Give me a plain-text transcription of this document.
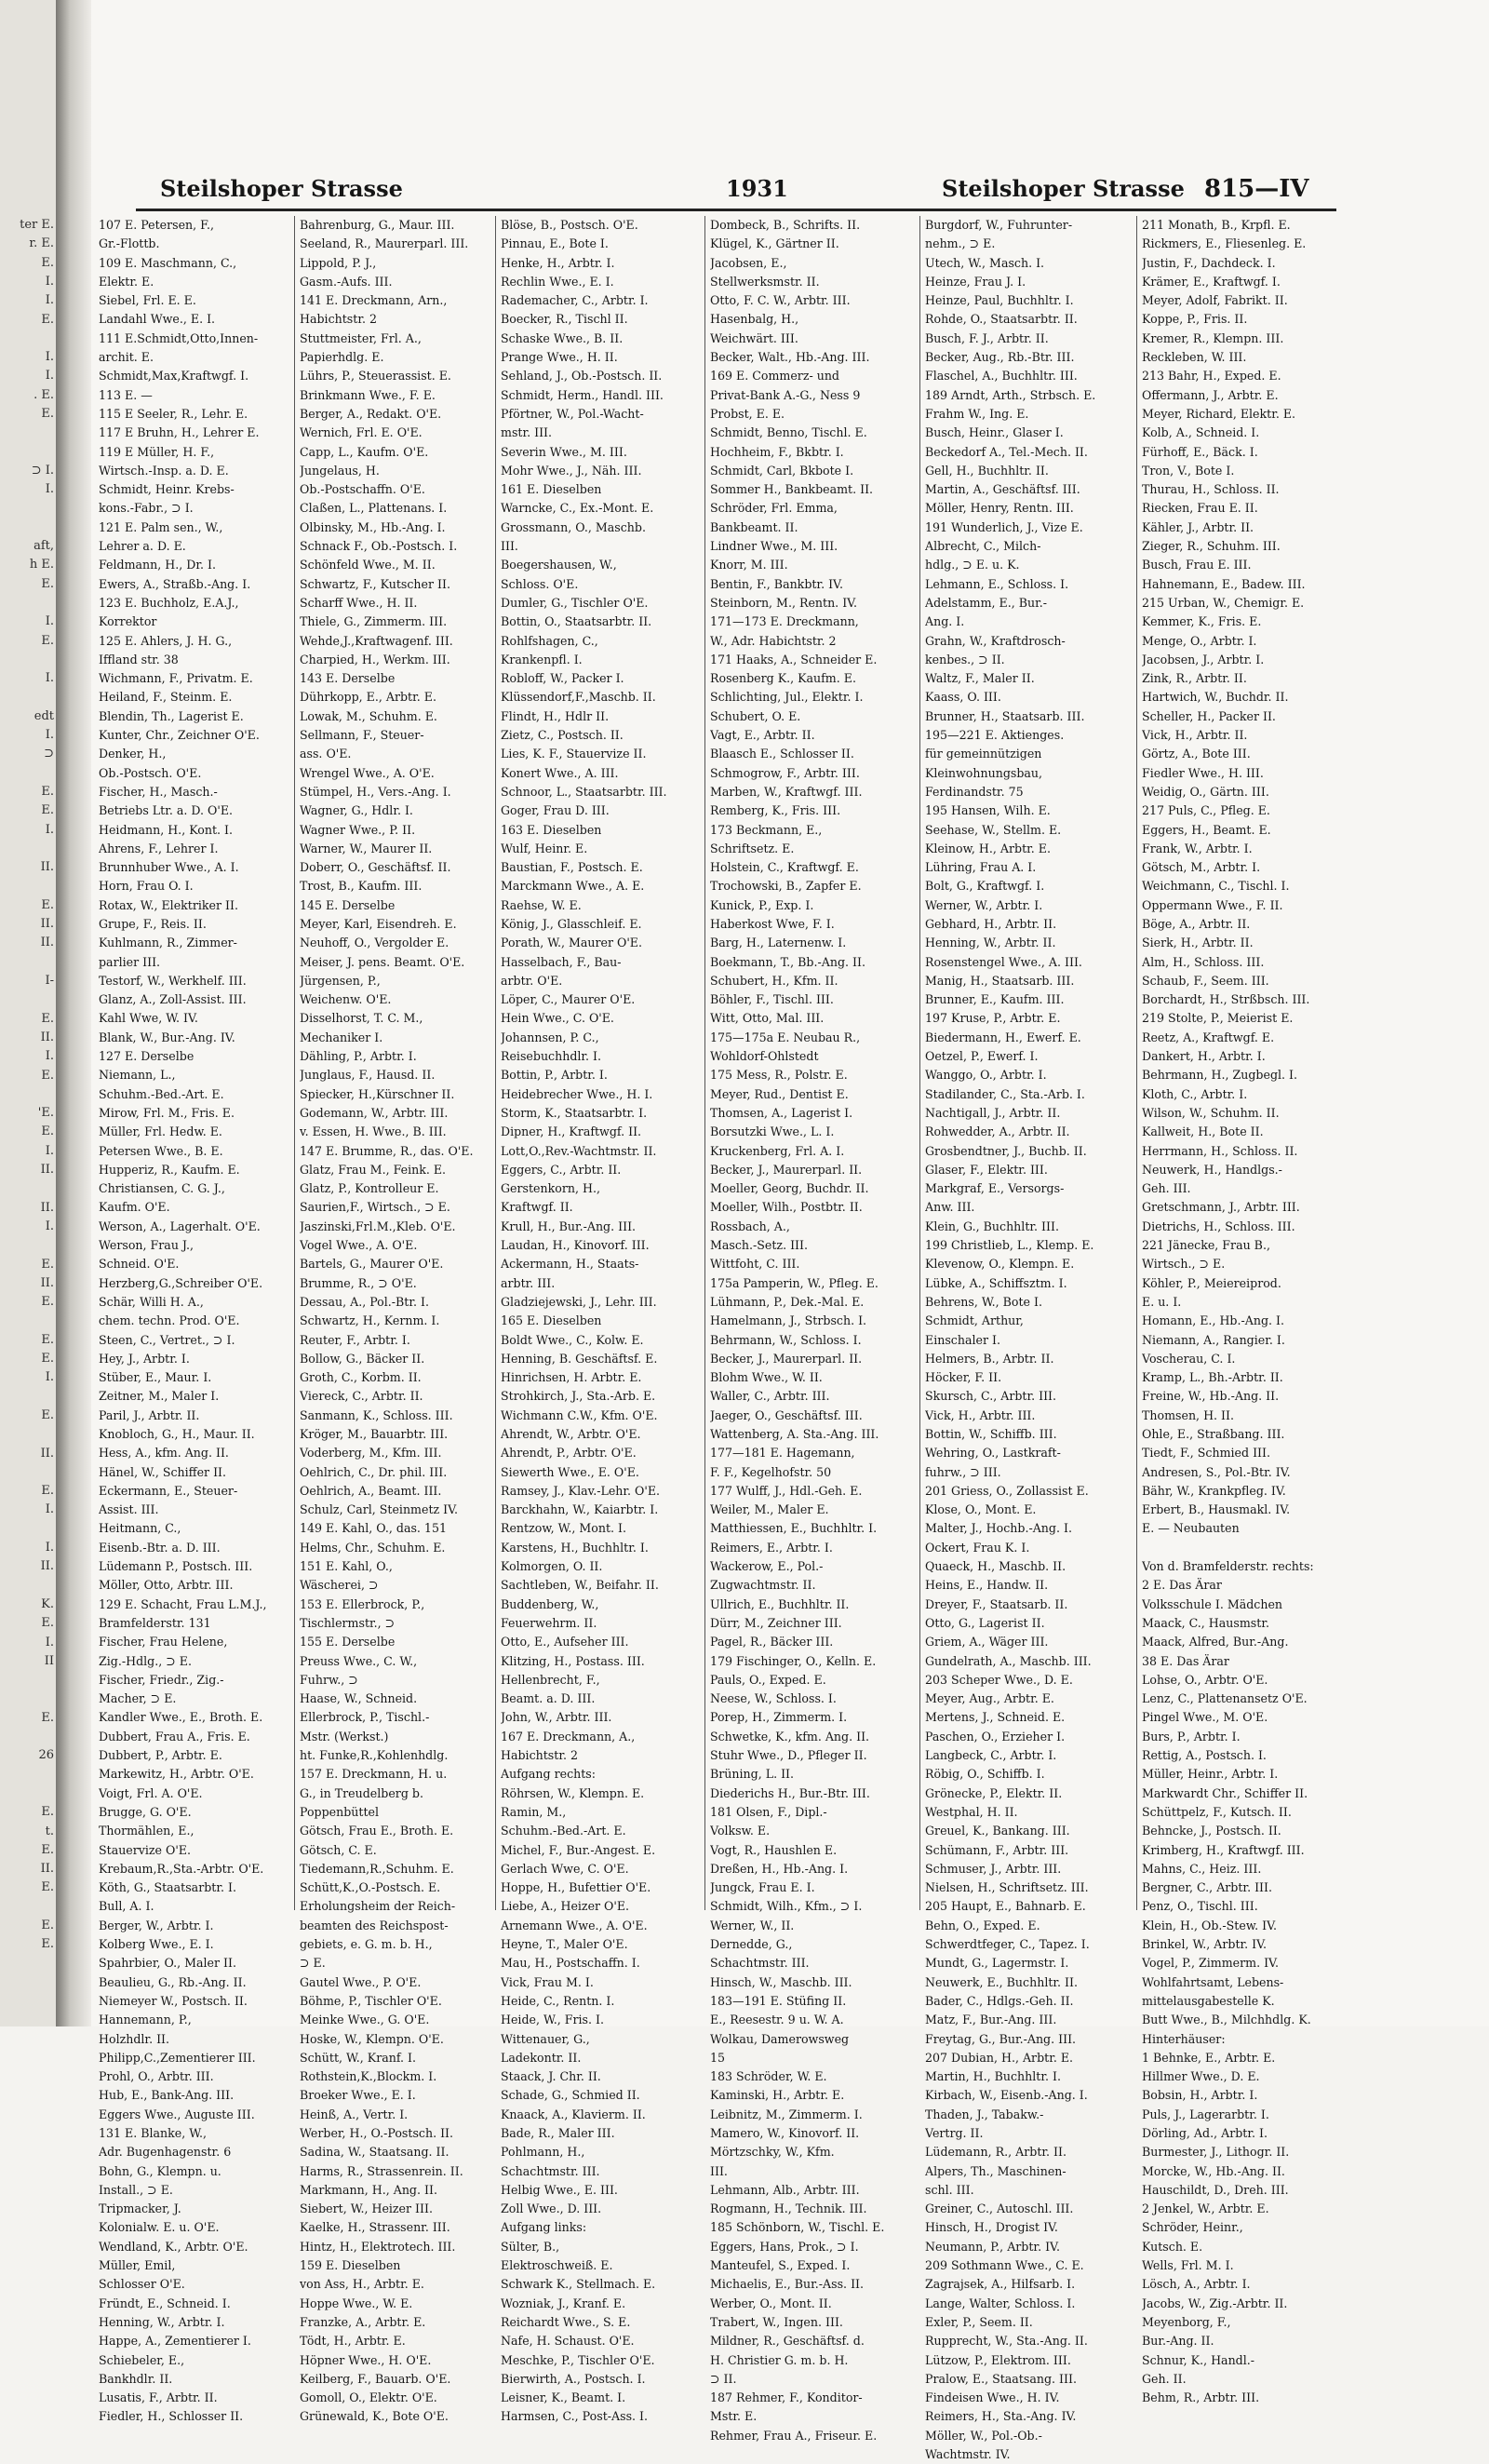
ter E.
r. E.
E.
I.
I.
E.
I.
I.
. E.
E.
⊃ I.
I.
aft,
h E.
E.
I.
E.
I.
edt
I.
⊃
E.
E.
I.
II.
E.
II.
II.
I-
E.
II.
I.
E.
'E.
E.
I.
II.
II.
I.
E.
II.
E.
E.
E.
I.
E.
II.
E.
I.
I.
II.
K.
E.
I.
II
E.
26
E.
t.
E.
II.
E.
E.
E.
Steilshoper Strasse	1931	Steilshoper Strasse 815—IV
107 E. Petersen, F.,
Gr.-Flottb.
109 E. Maschmann, C.,
Elektr. E.
Siebel, Frl. E. E.
Landahl Wwe., E. I.
111 E.Schmidt,Otto,Innen-
archit. E.
Schmidt,Max,Kraftwgf. I.
113 E. —
115 E Seeler, R., Lehr. E.
117 E Bruhn, H., Lehrer E.
119 E Müller, H. F.,
Wirtsch.-Insp. a. D. E.
Schmidt, Heinr. Krebs-
kons.-Fabr., ⊃ I.
121 E. Palm sen., W.,
Lehrer a. D. E.
Feldmann, H., Dr. I.
Ewers, A., Straßb.-Ang. I.
123 E. Buchholz, E.A.J.,
Korrektor
125 E. Ahlers, J. H. G.,
Iffland str. 38
Wichmann, F., Privatm. E.
Heiland, F., Steinm. E.
Blendin, Th., Lagerist E.
Kunter, Chr., Zeichner O'E.
Denker, H.,
Ob.-Postsch. O'E.
Fischer, H., Masch.-
Betriebs Ltr. a. D. O'E.
Heidmann, H., Kont. I.
Ahrens, F., Lehrer I.
Brunnhuber Wwe., A. I.
Horn, Frau O. I.
Rotax, W., Elektriker II.
Grupe, F., Reis. II.
Kuhlmann, R., Zimmer-
parlier III.
Testorf, W., Werkhelf. III.
Glanz, A., Zoll-Assist. III.
Kahl Wwe, W. IV.
Blank, W., Bur.-Ang. IV.
127 E. Derselbe
Niemann, L.,
Schuhm.-Bed.-Art. E.
Mirow, Frl. M., Fris. E.
Müller, Frl. Hedw. E.
Petersen Wwe., B. E.
Hupperiz, R., Kaufm. E.
Christiansen, C. G. J.,
Kaufm. O'E.
Werson, A., Lagerhalt. O'E.
Werson, Frau J.,
Schneid. O'E.
Herzberg,G.,Schreiber O'E.
Schär, Willi H. A.,
chem. techn. Prod. O'E.
Steen, C., Vertret., ⊃ I.
Hey, J., Arbtr. I.
Stüber, E., Maur. I.
Zeitner, M., Maler I.
Paril, J., Arbtr. II.
Knobloch, G., H., Maur. II.
Hess, A., kfm. Ang. II.
Hänel, W., Schiffer II.
Eckermann, E., Steuer-
Assist. III.
Heitmann, C.,
Eisenb.-Btr. a. D. III.
Lüdemann P., Postsch. III.
Möller, Otto, Arbtr. III.
129 E. Schacht, Frau L.M.J.,
Bramfelderstr. 131
Fischer, Frau Helene,
Zig.-Hdlg., ⊃ E.
Fischer, Friedr., Zig.-
Macher, ⊃ E.
Kandler Wwe., E., Broth. E.
Dubbert, Frau A., Fris. E.
Dubbert, P., Arbtr. E.
Markewitz, H., Arbtr. O'E.
Voigt, Frl. A. O'E.
Brugge, G. O'E.
Thormählen, E.,
Stauervize O'E.
Krebaum,R.,Sta.-Arbtr. O'E.
Köth, G., Staatsarbtr. I.
Bull, A. I.
Berger, W., Arbtr. I.
Kolberg Wwe., E. I.
Spahrbier, O., Maler II.
Beaulieu, G., Rb.-Ang. II.
Niemeyer W., Postsch. II.
Hannemann, P.,
Holzhdlr. II.
Philipp,C.,Zementierer III.
Prohl, O., Arbtr. III.
Hub, E., Bank-Ang. III.
Eggers Wwe., Auguste III.
131 E. Blanke, W.,
Adr. Bugenhagenstr. 6
Bohn, G., Klempn. u.
Install., ⊃ E.
Tripmacker, J.
Kolonialw. E. u. O'E.
Wendland, K., Arbtr. O'E.
Müller, Emil,
Schlosser O'E.
Fründt, E., Schneid. I.
Henning, W., Arbtr. I.
Happe, A., Zementierer I.
Schiebeler, E.,
Bankhdlr. II.
Lusatis, F., Arbtr. II.
Fiedler, H., Schlosser II.
Bahrenburg, G., Maur. III.
Seeland, R., Maurerparl. III.
Lippold, P. J.,
Gasm.-Aufs. III.
141 E. Dreckmann, Arn.,
Habichtstr. 2
Stuttmeister, Frl. A.,
Papierhdlg. E.
Lührs, P., Steuerassist. E.
Brinkmann Wwe., F. E.
Berger, A., Redakt. O'E.
Wernich, Frl. E. O'E.
Capp, L., Kaufm. O'E.
Jungelaus, H.
Ob.-Postschaffn. O'E.
Claßen, L., Plattenans. I.
Olbinsky, M., Hb.-Ang. I.
Schnack F., Ob.-Postsch. I.
Schönfeld Wwe., M. II.
Schwartz, F., Kutscher II.
Scharff Wwe., H. II.
Thiele, G., Zimmerm. III.
Wehde,J.,Kraftwagenf. III.
Charpied, H., Werkm. III.
143 E. Derselbe
Dührkopp, E., Arbtr. E.
Lowak, M., Schuhm. E.
Sellmann, F., Steuer-
ass. O'E.
Wrengel Wwe., A. O'E.
Stümpel, H., Vers.-Ang. I.
Wagner, G., Hdlr. I.
Wagner Wwe., P. II.
Warner, W., Maurer II.
Doberr, O., Geschäftsf. II.
Trost, B., Kaufm. III.
145 E. Derselbe
Meyer, Karl, Eisendreh. E.
Neuhoff, O., Vergolder E.
Meiser, J. pens. Beamt. O'E.
Jürgensen, P.,
Weichenw. O'E.
Disselhorst, T. C. M.,
Mechaniker I.
Dähling, P., Arbtr. I.
Junglaus, F., Hausd. II.
Spiecker, H.,Kürschner II.
Godemann, W., Arbtr. III.
v. Essen, H. Wwe., B. III.
147 E. Brumme, R., das. O'E.
Glatz, Frau M., Feink. E.
Glatz, P., Kontrolleur E.
Saurien,F., Wirtsch., ⊃ E.
Jaszinski,Frl.M.,Kleb. O'E.
Vogel Wwe., A. O'E.
Bartels, G., Maurer O'E.
Brumme, R., ⊃ O'E.
Dessau, A., Pol.-Btr. I.
Schwartz, H., Kernm. I.
Reuter, F., Arbtr. I.
Bollow, G., Bäcker II.
Groth, C., Korbm. II.
Viereck, C., Arbtr. II.
Sanmann, K., Schloss. III.
Kröger, M., Bauarbtr. III.
Voderberg, M., Kfm. III.
Oehlrich, C., Dr. phil. III.
Oehlrich, A., Beamt. III.
Schulz, Carl, Steinmetz IV.
149 E. Kahl, O., das. 151
Helms, Chr., Schuhm. E.
151 E. Kahl, O.,
Wäscherei, ⊃
153 E. Ellerbrock, P.,
Tischlermstr., ⊃
155 E. Derselbe
Preuss Wwe., C. W.,
Fuhrw., ⊃
Haase, W., Schneid.
Ellerbrock, P., Tischl.-
Mstr. (Werkst.)
ht. Funke,R.,Kohlenhdlg.
157 E. Dreckmann, H. u.
G., in Treudelberg b.
Poppenbüttel
Götsch, Frau E., Broth. E.
Götsch, C. E.
Tiedemann,R.,Schuhm. E.
Schütt,K.,O.-Postsch. E.
Erholungsheim der Reich-
beamten des Reichspost-
gebiets, e. G. m. b. H.,
⊃ E.
Gautel Wwe., P. O'E.
Böhme, P., Tischler O'E.
Meinke Wwe., G. O'E.
Hoske, W., Klempn. O'E.
Schütt, W., Kranf. I.
Rothstein,K.,Blockm. I.
Broeker Wwe., E. I.
Heinß, A., Vertr. I.
Werber, H., O.-Postsch. II.
Sadina, W., Staatsang. II.
Harms, R., Strassenrein. II.
Markmann, H., Ang. II.
Siebert, W., Heizer III.
Kaelke, H., Strassenr. III.
Hintz, H., Elektrotech. III.
159 E. Dieselben
von Ass, H., Arbtr. E.
Hoppe Wwe., W. E.
Franzke, A., Arbtr. E.
Tödt, H., Arbtr. E.
Höpner Wwe., H. O'E.
Keilberg, F., Bauarb. O'E.
Gomoll, O., Elektr. O'E.
Grünewald, K., Bote O'E.
Blöse, B., Postsch. O'E.
Pinnau, E., Bote I.
Henke, H., Arbtr. I.
Rechlin Wwe., E. I.
Rademacher, C., Arbtr. I.
Boecker, R., Tischl II.
Schaske Wwe., B. II.
Prange Wwe., H. II.
Sehland, J., Ob.-Postsch. II.
Schmidt, Herm., Handl. III.
Pförtner, W., Pol.-Wacht-
mstr. III.
Severin Wwe., M. III.
Mohr Wwe., J., Näh. III.
161 E. Dieselben
Warncke, C., Ex.-Mont. E.
Grossmann, O., Maschb.
III.
Boegershausen, W.,
Schloss. O'E.
Dumler, G., Tischler O'E.
Bottin, O., Staatsarbtr. II.
Rohlfshagen, C.,
Krankenpfl. I.
Robloff, W., Packer I.
Klüssendorf,F.,Maschb. II.
Flindt, H., Hdlr II.
Zietz, C., Postsch. II.
Lies, K. F., Stauervize II.
Konert Wwe., A. III.
Schnoor, L., Staatsarbtr. III.
Goger, Frau D. III.
163 E. Dieselben
Wulf, Heinr. E.
Baustian, F., Postsch. E.
Marckmann Wwe., A. E.
Raehse, W. E.
König, J., Glasschleif. E.
Porath, W., Maurer O'E.
Hasselbach, F., Bau-
arbtr. O'E.
Löper, C., Maurer O'E.
Hein Wwe., C. O'E.
Johannsen, P. C.,
Reisebuchhdlr. I.
Bottin, P., Arbtr. I.
Heidebrecher Wwe., H. I.
Storm, K., Staatsarbtr. I.
Dipner, H., Kraftwgf. II.
Lott,O.,Rev.-Wachtmstr. II.
Eggers, C., Arbtr. II.
Gerstenkorn, H.,
Kraftwgf. II.
Krull, H., Bur.-Ang. III.
Laudan, H., Kinovorf. III.
Ackermann, H., Staats-
arbtr. III.
Gladziejewski, J., Lehr. III.
165 E. Dieselben
Boldt Wwe., C., Kolw. E.
Henning, B. Geschäftsf. E.
Hinrichsen, H. Arbtr. E.
Strohkirch, J., Sta.-Arb. E.
Wichmann C.W., Kfm. O'E.
Ahrendt, W., Arbtr. O'E.
Ahrendt, P., Arbtr. O'E.
Siewerth Wwe., E. O'E.
Ramsey, J., Klav.-Lehr. O'E.
Barckhahn, W., Kaiarbtr. I.
Rentzow, W., Mont. I.
Karstens, H., Buchhltr. I.
Kolmorgen, O. II.
Sachtleben, W., Beifahr. II.
Buddenberg, W.,
Feuerwehrm. II.
Otto, E., Aufseher III.
Klitzing, H., Postass. III.
Hellenbrecht, F.,
Beamt. a. D. III.
John, W., Arbtr. III.
167 E. Dreckmann, A.,
Habichtstr. 2
Aufgang rechts:
Röhrsen, W., Klempn. E.
Ramin, M.,
Schuhm.-Bed.-Art. E.
Michel, F., Bur.-Angest. E.
Gerlach Wwe, C. O'E.
Hoppe, H., Bufettier O'E.
Liebe, A., Heizer O'E.
Arnemann Wwe., A. O'E.
Heyne, T., Maler O'E.
Mau, H., Postschaffn. I.
Vick, Frau M. I.
Heide, C., Rentn. I.
Heide, W., Fris. I.
Wittenauer, G.,
Ladekontr. II.
Staack, J. Chr. II.
Schade, G., Schmied II.
Knaack, A., Klavierm. II.
Bade, R., Maler III.
Pohlmann, H.,
Schachtmstr. III.
Helbig Wwe., E. III.
Zoll Wwe., D. III.
Aufgang links:
Sülter, B.,
Elektroschweiß. E.
Schwark K., Stellmach. E.
Wozniak, J., Kranf. E.
Reichardt Wwe., S. E.
Nafe, H. Schaust. O'E.
Meschke, P., Tischler O'E.
Bierwirth, A., Postsch. I.
Leisner, K., Beamt. I.
Harmsen, C., Post-Ass. I.
Dombeck, B., Schrifts. II.
Klügel, K., Gärtner II.
Jacobsen, E.,
Stellwerksmstr. II.
Otto, F. C. W., Arbtr. III.
Hasenbalg, H.,
Weichwärt. III.
Becker, Walt., Hb.-Ang. III.
169 E. Commerz- und
Privat-Bank A.-G., Ness 9
Probst, E. E.
Schmidt, Benno, Tischl. E.
Hochheim, F., Bkbtr. I.
Schmidt, Carl, Bkbote I.
Sommer H., Bankbeamt. II.
Schröder, Frl. Emma,
Bankbeamt. II.
Lindner Wwe., M. III.
Knorr, M. III.
Bentin, F., Bankbtr. IV.
Steinborn, M., Rentn. IV.
171—173 E. Dreckmann,
W., Adr. Habichtstr. 2
171 Haaks, A., Schneider E.
Rosenberg K., Kaufm. E.
Schlichting, Jul., Elektr. I.
Schubert, O. E.
Vagt, E., Arbtr. II.
Blaasch E., Schlosser II.
Schmogrow, F., Arbtr. III.
Marben, W., Kraftwgf. III.
Remberg, K., Fris. III.
173 Beckmann, E.,
Schriftsetz. E.
Holstein, C., Kraftwgf. E.
Trochowski, B., Zapfer E.
Kunick, P., Exp. I.
Haberkost Wwe, F. I.
Barg, H., Laternenw. I.
Boekmann, T., Bb.-Ang. II.
Schubert, H., Kfm. II.
Böhler, F., Tischl. III.
Witt, Otto, Mal. III.
175—175a E. Neubau R.,
Wohldorf-Ohlstedt
175 Mess, R., Polstr. E.
Meyer, Rud., Dentist E.
Thomsen, A., Lagerist I.
Borsutzki Wwe., L. I.
Kruckenberg, Frl. A. I.
Becker, J., Maurerparl. II.
Moeller, Georg, Buchdr. II.
Moeller, Wilh., Postbtr. II.
Rossbach, A.,
Masch.-Setz. III.
Wittfoht, C. III.
175a Pamperin, W., Pfleg. E.
Lühmann, P., Dek.-Mal. E.
Hamelmann, J., Strbsch. I.
Behrmann, W., Schloss. I.
Becker, J., Maurerparl. II.
Blohm Wwe., W. II.
Waller, C., Arbtr. III.
Jaeger, O., Geschäftsf. III.
Wattenberg, A. Sta.-Ang. III.
177—181 E. Hagemann,
F. F., Kegelhofstr. 50
177 Wulff, J., Hdl.-Geh. E.
Weiler, M., Maler E.
Matthiessen, E., Buchhltr. I.
Reimers, E., Arbtr. I.
Wackerow, E., Pol.-
Zugwachtmstr. II.
Ullrich, E., Buchhltr. II.
Dürr, M., Zeichner III.
Pagel, R., Bäcker III.
179 Fischinger, O., Kelln. E.
Pauls, O., Exped. E.
Neese, W., Schloss. I.
Porep, H., Zimmerm. I.
Schwetke, K., kfm. Ang. II.
Stuhr Wwe., D., Pfleger II.
Brüning, L. II.
Diederichs H., Bur.-Btr. III.
181 Olsen, F., Dipl.-
Volksw. E.
Vogt, R., Haushlen E.
Dreßen, H., Hb.-Ang. I.
Jungck, Frau E. I.
Schmidt, Wilh., Kfm., ⊃ I.
Werner, W., II.
Dernedde, G.,
Schachtmstr. III.
Hinsch, W., Maschb. III.
183—191 E. Stüfing II.
E., Reesestr. 9 u. W. A.
Wolkau, Damerowsweg
15
183 Schröder, W. E.
Kaminski, H., Arbtr. E.
Leibnitz, M., Zimmerm. I.
Mamero, W., Kinovorf. II.
Mörtzschky, W., Kfm.
III.
Lehmann, Alb., Arbtr. III.
Rogmann, H., Technik. III.
185 Schönborn, W., Tischl. E.
Eggers, Hans, Prok., ⊃ I.
Manteufel, S., Exped. I.
Michaelis, E., Bur.-Ass. II.
Werber, O., Mont. II.
Trabert, W., Ingen. III.
Mildner, R., Geschäftsf. d.
H. Christier G. m. b. H.
⊃ II.
187 Rehmer, F., Konditor-
Mstr. E.
Rehmer, Frau A., Friseur. E.
Burgdorf, W., Fuhrunter-
nehm., ⊃ E.
Utech, W., Masch. I.
Heinze, Frau J. I.
Heinze, Paul, Buchhltr. I.
Rohde, O., Staatsarbtr. II.
Busch, F. J., Arbtr. II.
Becker, Aug., Rb.-Btr. III.
Flaschel, A., Buchhltr. III.
189 Arndt, Arth., Strbsch. E.
Frahm W., Ing. E.
Busch, Heinr., Glaser I.
Beckedorf A., Tel.-Mech. II.
Gell, H., Buchhltr. II.
Martin, A., Geschäftsf. III.
Möller, Henry, Rentn. III.
191 Wunderlich, J., Vize E.
Albrecht, C., Milch-
hdlg., ⊃ E. u. K.
Lehmann, E., Schloss. I.
Adelstamm, E., Bur.-
Ang. I.
Grahn, W., Kraftdrosch-
kenbes., ⊃ II.
Waltz, F., Maler II.
Kaass, O. III.
Brunner, H., Staatsarb. III.
195—221 E. Aktienges.
für gemeinnützigen
Kleinwohnungsbau,
Ferdinandstr. 75
195 Hansen, Wilh. E.
Seehase, W., Stellm. E.
Kleinow, H., Arbtr. E.
Lühring, Frau A. I.
Bolt, G., Kraftwgf. I.
Werner, W., Arbtr. I.
Gebhard, H., Arbtr. II.
Henning, W., Arbtr. II.
Rosenstengel Wwe., A. III.
Manig, H., Staatsarb. III.
Brunner, E., Kaufm. III.
197 Kruse, P., Arbtr. E.
Biedermann, H., Ewerf. E.
Oetzel, P., Ewerf. I.
Wanggo, O., Arbtr. I.
Stadilander, C., Sta.-Arb. I.
Nachtigall, J., Arbtr. II.
Rohwedder, A., Arbtr. II.
Grosbendtner, J., Buchb. II.
Glaser, F., Elektr. III.
Markgraf, E., Versorgs-
Anw. III.
Klein, G., Buchhltr. III.
199 Christlieb, L., Klemp. E.
Klevenow, O., Klempn. E.
Lübke, A., Schiffsztm. I.
Behrens, W., Bote I.
Schmidt, Arthur,
Einschaler I.
Helmers, B., Arbtr. II.
Höcker, F. II.
Skursch, C., Arbtr. III.
Vick, H., Arbtr. III.
Bottin, W., Schiffb. III.
Wehring, O., Lastkraft-
fuhrw., ⊃ III.
201 Griess, O., Zollassist E.
Klose, O., Mont. E.
Malter, J., Hochb.-Ang. I.
Ockert, Frau K. I.
Quaeck, H., Maschb. II.
Heins, E., Handw. II.
Dreyer, F., Staatsarb. II.
Otto, G., Lagerist II.
Griem, A., Wäger III.
Gundelrath, A., Maschb. III.
203 Scheper Wwe., D. E.
Meyer, Aug., Arbtr. E.
Mertens, J., Schneid. E.
Paschen, O., Erzieher I.
Langbeck, C., Arbtr. I.
Röbig, O., Schiffb. I.
Grönecke, P., Elektr. II.
Westphal, H. II.
Greuel, K., Bankang. III.
Schümann, F., Arbtr. III.
Schmuser, J., Arbtr. III.
Nielsen, H., Schriftsetz. III.
205 Haupt, E., Bahnarb. E.
Behn, O., Exped. E.
Schwerdtfeger, C., Tapez. I.
Mundt, G., Lagermstr. I.
Neuwerk, E., Buchhltr. II.
Bader, C., Hdlgs.-Geh. II.
Matz, F., Bur.-Ang. III.
Freytag, G., Bur.-Ang. III.
207 Dubian, H., Arbtr. E.
Martin, H., Buchhltr. I.
Kirbach, W., Eisenb.-Ang. I.
Thaden, J., Tabakw.-
Vertrg. II.
Lüdemann, R., Arbtr. II.
Alpers, Th., Maschinen-
schl. III.
Greiner, C., Autoschl. III.
Hinsch, H., Drogist IV.
Neumann, P., Arbtr. IV.
209 Sothmann Wwe., C. E.
Zagrajsek, A., Hilfsarb. I.
Lange, Walter, Schloss. I.
Exler, P., Seem. II.
Rupprecht, W., Sta.-Ang. II.
Lützow, P., Elektrom. III.
Pralow, E., Staatsang. III.
Findeisen Wwe., H. IV.
Reimers, H., Sta.-Ang. IV.
Möller, W., Pol.-Ob.-
Wachtmstr. IV.
211 Monath, B., Krpfl. E.
Rickmers, E., Fliesenleg. E.
Justin, F., Dachdeck. I.
Krämer, E., Kraftwgf. I.
Meyer, Adolf, Fabrikt. II.
Koppe, P., Fris. II.
Kremer, R., Klempn. III.
Reckleben, W. III.
213 Bahr, H., Exped. E.
Offermann, J., Arbtr. E.
Meyer, Richard, Elektr. E.
Kolb, A., Schneid. I.
Fürhoff, E., Bäck. I.
Tron, V., Bote I.
Thurau, H., Schloss. II.
Riecken, Frau E. II.
Kähler, J., Arbtr. II.
Zieger, R., Schuhm. III.
Busch, Frau E. III.
Hahnemann, E., Badew. III.
215 Urban, W., Chemigr. E.
Kemmer, K., Fris. E.
Menge, O., Arbtr. I.
Jacobsen, J., Arbtr. I.
Zink, R., Arbtr. II.
Hartwich, W., Buchdr. II.
Scheller, H., Packer II.
Vick, H., Arbtr. II.
Görtz, A., Bote III.
Fiedler Wwe., H. III.
Weidig, O., Gärtn. III.
217 Puls, C., Pfleg. E.
Eggers, H., Beamt. E.
Frank, W., Arbtr. I.
Götsch, M., Arbtr. I.
Weichmann, C., Tischl. I.
Oppermann Wwe., F. II.
Böge, A., Arbtr. II.
Sierk, H., Arbtr. II.
Alm, H., Schloss. III.
Schaub, F., Seem. III.
Borchardt, H., Strßbsch. III.
219 Stolte, P., Meierist E.
Reetz, A., Kraftwgf. E.
Dankert, H., Arbtr. I.
Behrmann, H., Zugbegl. I.
Kloth, C., Arbtr. I.
Wilson, W., Schuhm. II.
Kallweit, H., Bote II.
Herrmann, H., Schloss. II.
Neuwerk, H., Handlgs.-
Geh. III.
Gretschmann, J., Arbtr. III.
Dietrichs, H., Schloss. III.
221 Jänecke, Frau B.,
Wirtsch., ⊃ E.
Köhler, P., Meiereiprod.
E. u. I.
Homann, E., Hb.-Ang. I.
Niemann, A., Rangier. I.
Voscherau, C. I.
Kramp, L., Bh.-Arbtr. II.
Freine, W., Hb.-Ang. II.
Thomsen, H. II.
Ohle, E., Straßbang. III.
Tiedt, F., Schmied III.
Andresen, S., Pol.-Btr. IV.
Bähr, W., Krankpfleg. IV.
Erbert, B., Hausmakl. IV.
E. — Neubauten
Von d. Bramfelderstr. rechts:
2 E. Das Ärar
Volksschule I. Mädchen
Maack, C., Hausmstr.
Maack, Alfred, Bur.-Ang.
38 E. Das Ärar
Lohse, O., Arbtr. O'E.
Lenz, C., Plattenansetz O'E.
Pingel Wwe., M. O'E.
Burs, P., Arbtr. I.
Rettig, A., Postsch. I.
Müller, Heinr., Arbtr. I.
Markwardt Chr., Schiffer II.
Schüttpelz, F., Kutsch. II.
Behncke, J., Postsch. II.
Krimberg, H., Kraftwgf. III.
Mahns, C., Heiz. III.
Bergner, C., Arbtr. III.
Penz, O., Tischl. III.
Klein, H., Ob.-Stew. IV.
Brinkel, W., Arbtr. IV.
Vogel, P., Zimmerm. IV.
Wohlfahrtsamt, Lebens-
mittelausgabestelle K.
Butt Wwe., B., Milchhdlg. K.
Hinterhäuser:
1 Behnke, E., Arbtr. E.
Hillmer Wwe., D. E.
Bobsin, H., Arbtr. I.
Puls, J., Lagerarbtr. I.
Dörling, Ad., Arbtr. I.
Burmester, J., Lithogr. II.
Morcke, W., Hb.-Ang. II.
Hauschildt, D., Dreh. III.
2 Jenkel, W., Arbtr. E.
Schröder, Heinr.,
Kutsch. E.
Wells, Frl. M. I.
Lösch, A., Arbtr. I.
Jacobs, W., Zig.-Arbtr. II.
Meyenborg, F.,
Bur.-Ang. II.
Schnur, K., Handl.-
Geh. II.
Behm, R., Arbtr. III.
